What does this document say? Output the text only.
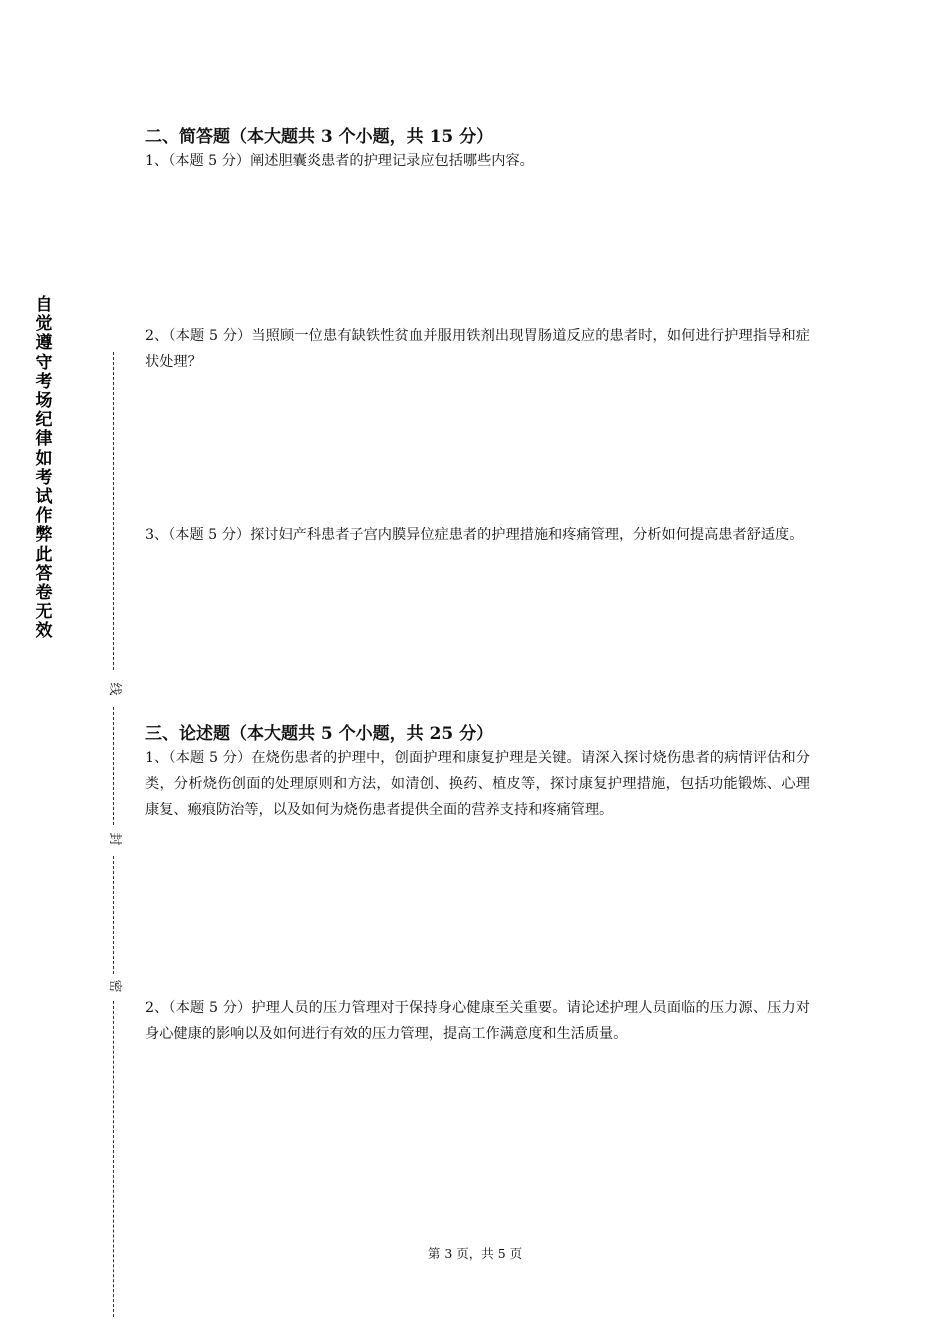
自觉遵守考场纪律如考试作弊此答卷无效
线
封
密
二、简答题（本大题共 3 个小题，共 15 分）
1、（本题 5 分）阐述胆囊炎患者的护理记录应包括哪些内容。
2、（本题 5 分）当照顾一位患有缺铁性贫血并服用铁剂出现胃肠道反应的患者时，如何进行护理指导和症状处理？
3、（本题 5 分）探讨妇产科患者子宫内膜异位症患者的护理措施和疼痛管理，分析如何提高患者舒适度。
三、论述题（本大题共 5 个小题，共 25 分）
1、（本题 5 分）在烧伤患者的护理中，创面护理和康复护理是关键。请深入探讨烧伤患者的病情评估和分类，分析烧伤创面的处理原则和方法，如清创、换药、植皮等，探讨康复护理措施，包括功能锻炼、心理康复、瘢痕防治等，以及如何为烧伤患者提供全面的营养支持和疼痛管理。
2、（本题 5 分）护理人员的压力管理对于保持身心健康至关重要。请论述护理人员面临的压力源、压力对身心健康的影响以及如何进行有效的压力管理，提高工作满意度和生活质量。
第 3 页，共 5 页
